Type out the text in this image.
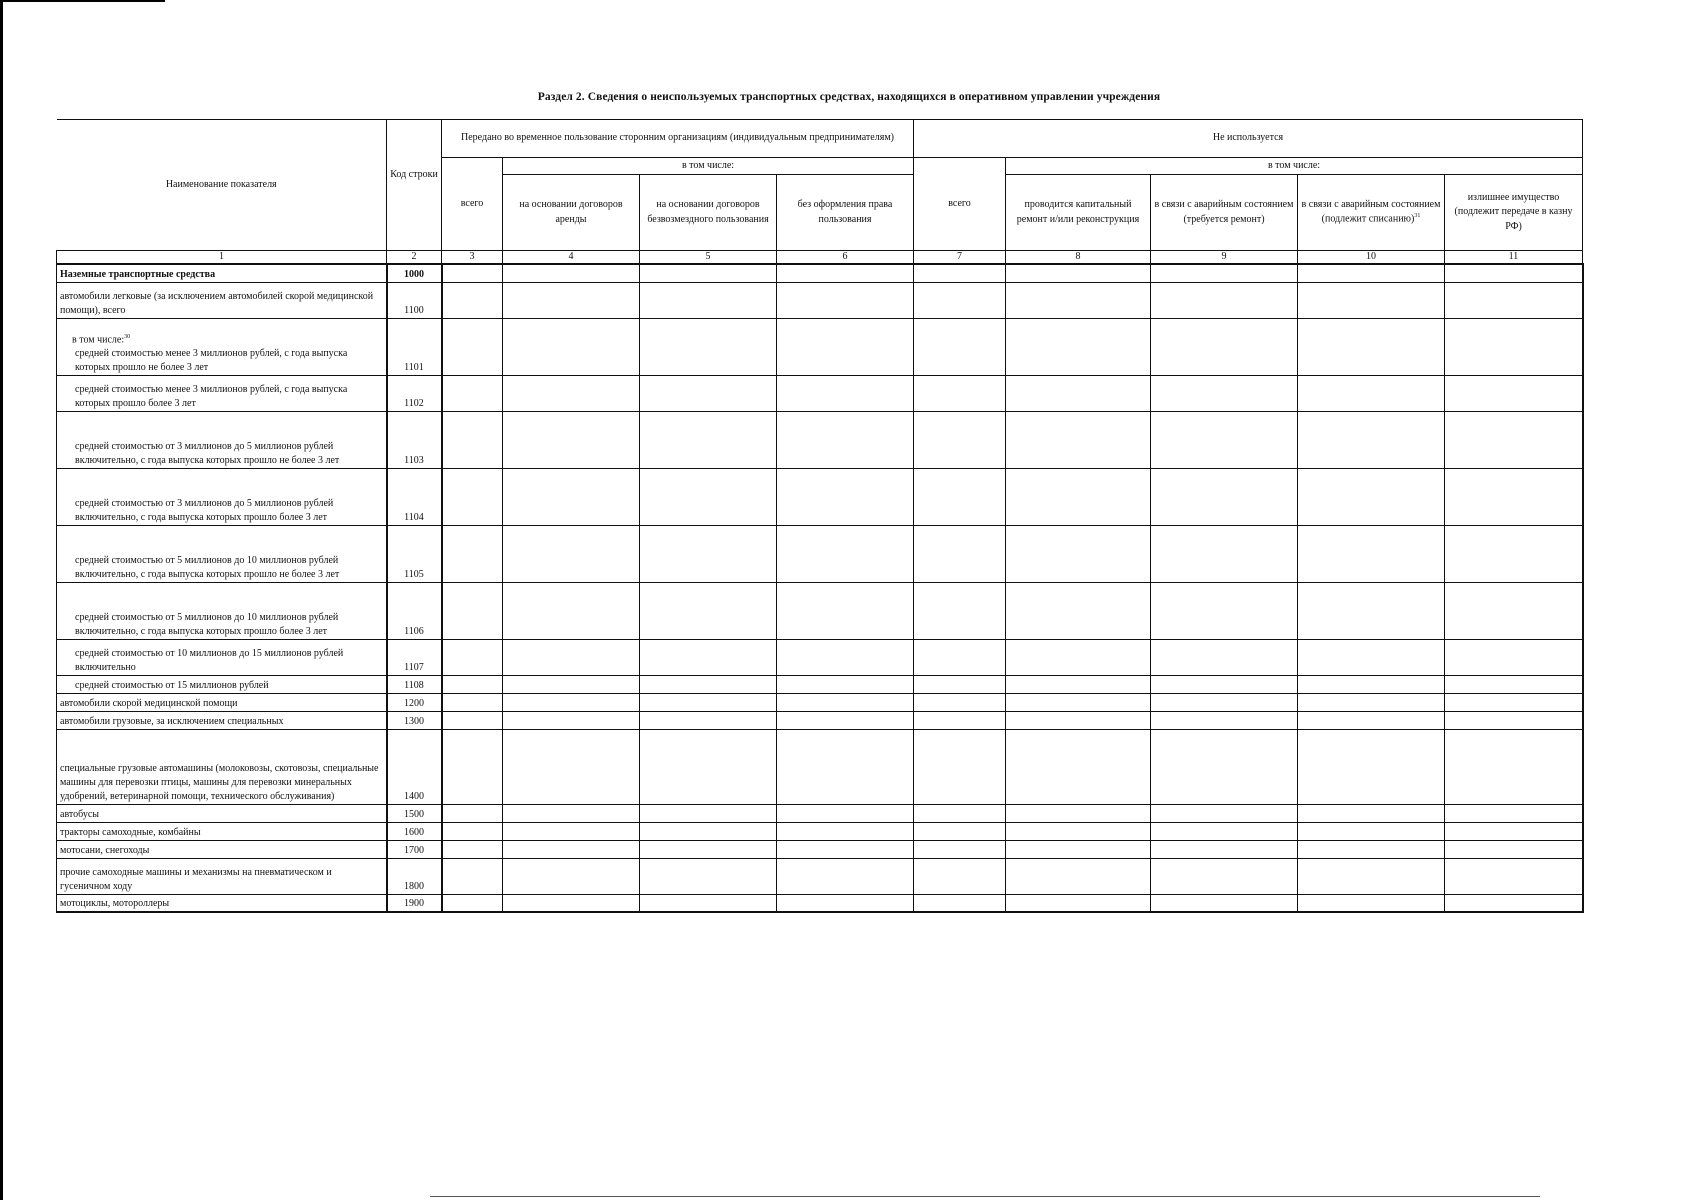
Раздел 2. Сведения о неиспользуемых транспортных средствах, находящихся в оперативном управлении учреждения
Наименование показателя	Код строки	Передано во временное пользование сторонним организациям (индивидуальным предпринимателям)				Не используется				
		всего	в том числе:			всего	в том числе:			
			на основании договоров аренды	на основании договоров безвозмездного пользования	без оформления права пользования		проводится капитальный ремонт и/или реконструкция	в связи с аварийным состоянием (требуется ремонт)	в связи с аварийным состоянием (подлежит списанию)$^{31}$	излишнее имущество (подлежит передаче в казну РФ)
1	2	3	4	5	6	7	8	9	10	11
Наземные транспортные средства	1000									
автомобили легковые (за исключением автомобилей скорой медицинской помощи), всего	1100									

в том числе:$^{30}$
средней стоимостью менее 3 миллионов рублей, с года выпуска которых прошло не более 3 лет	1101									
средней стоимостью менее 3 миллионов рублей, с года выпуска которых прошло более 3 лет	1102									
средней стоимостью от 3 миллионов до 5 миллионов рублей включительно, с года выпуска которых прошло не более 3 лет	1103									
средней стоимостью от 3 миллионов до 5 миллионов рублей включительно, с года выпуска которых прошло более 3 лет	1104									
средней стоимостью от 5 миллионов до 10 миллионов рублей включительно, с года выпуска которых прошло не более 3 лет	1105									
средней стоимостью от 5 миллионов до 10 миллионов рублей включительно, с года выпуска которых прошло более 3 лет	1106									
средней стоимостью от 10 миллионов до 15 миллионов рублей включительно	1107									
средней стоимостью от 15 миллионов рублей	1108									
автомобили скорой медицинской помощи	1200									
автомобили грузовые, за исключением специальных	1300									
специальные грузовые автомашины (молоковозы, скотовозы, специальные машины для перевозки птицы, машины для перевозки минеральных удобрений, ветеринарной помощи, технического обслуживания)	1400									
автобусы	1500									
тракторы самоходные, комбайны	1600									
мотосани, снегоходы	1700									
прочие самоходные машины и механизмы на пневматическом и гусеничном ходу	1800									
мотоциклы, мотороллеры	1900									
